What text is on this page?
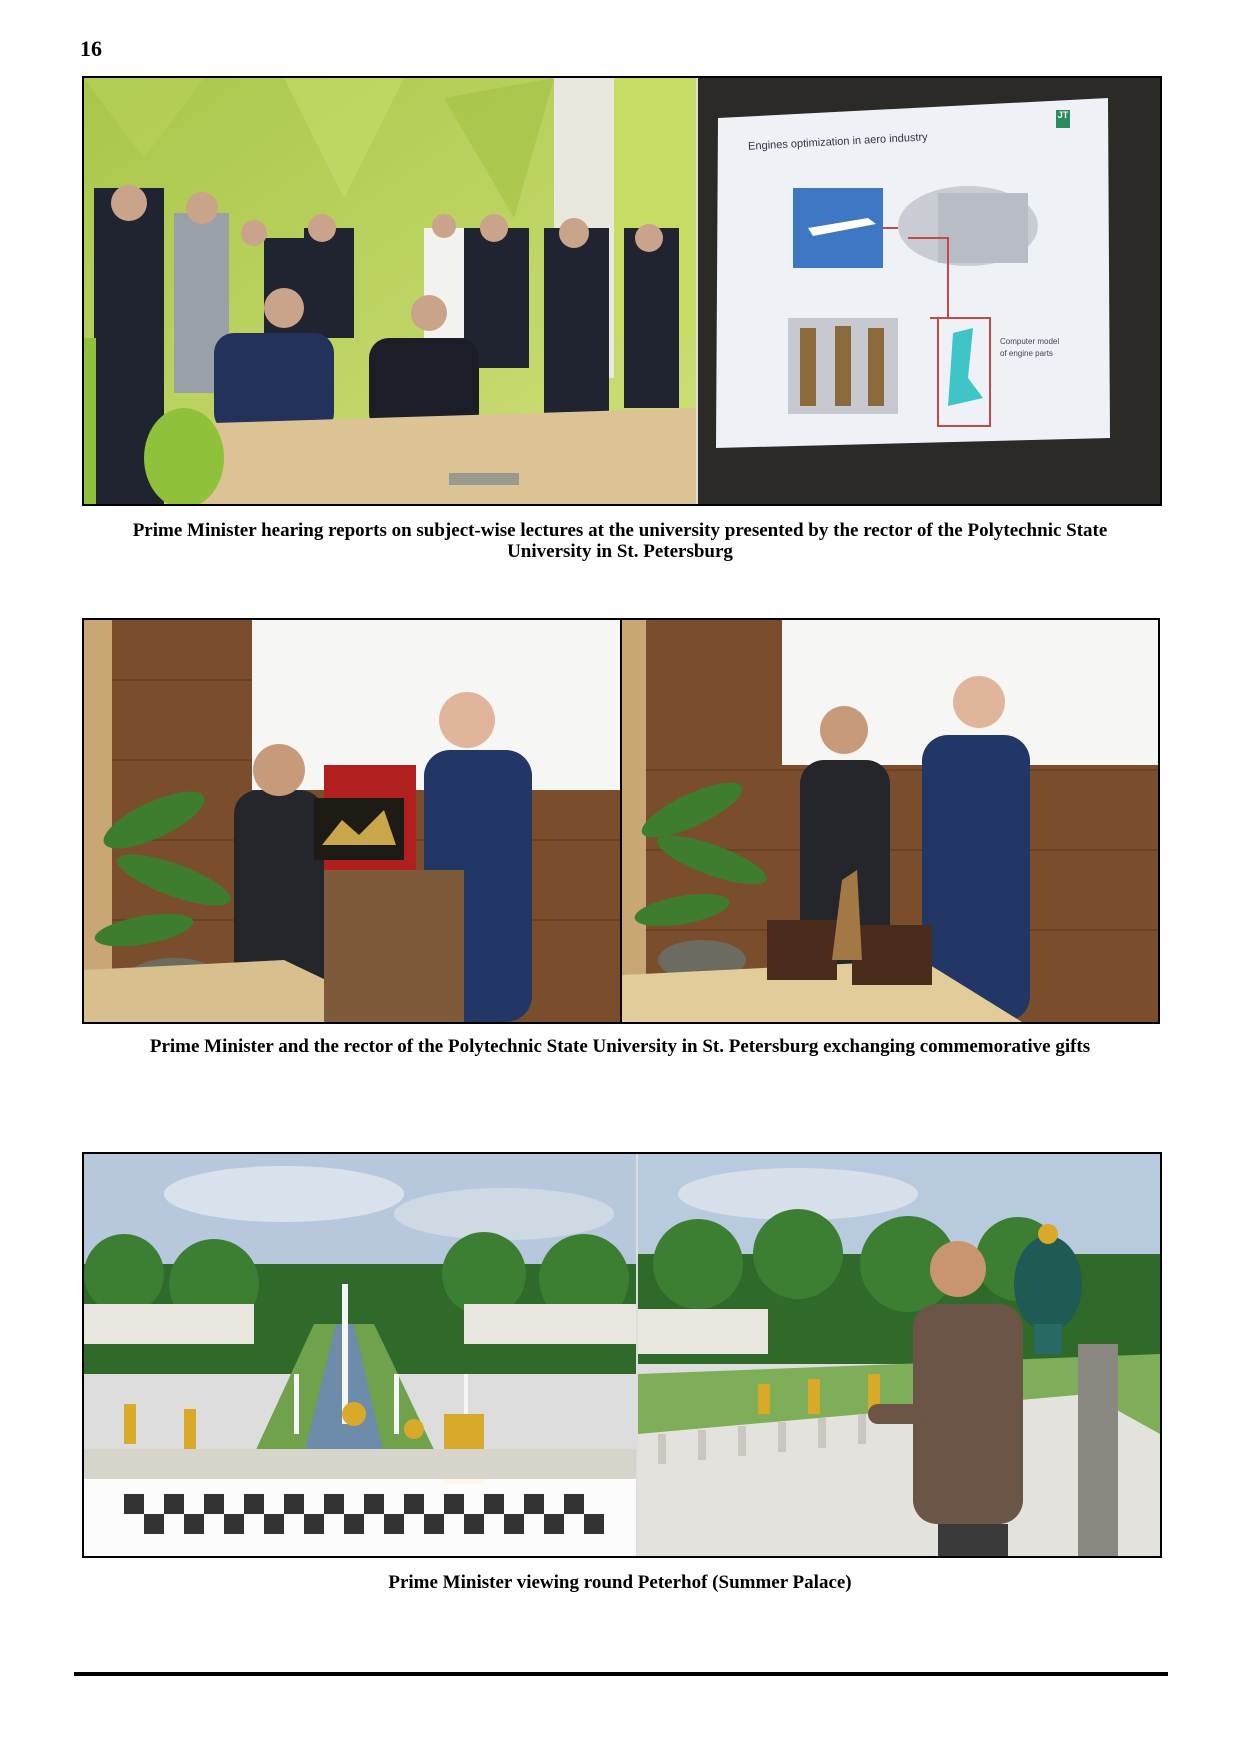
16
Engines optimization in aero industry
JT
Computer model
of engine parts
Prime Minister hearing reports on subject-wise lectures at the university presented by the rector of the Polytechnic State
University in St. Petersburg
Prime Minister and the rector of the Polytechnic State University in St. Petersburg exchanging commemorative gifts
Prime Minister viewing round Peterhof (Summer Palace)
